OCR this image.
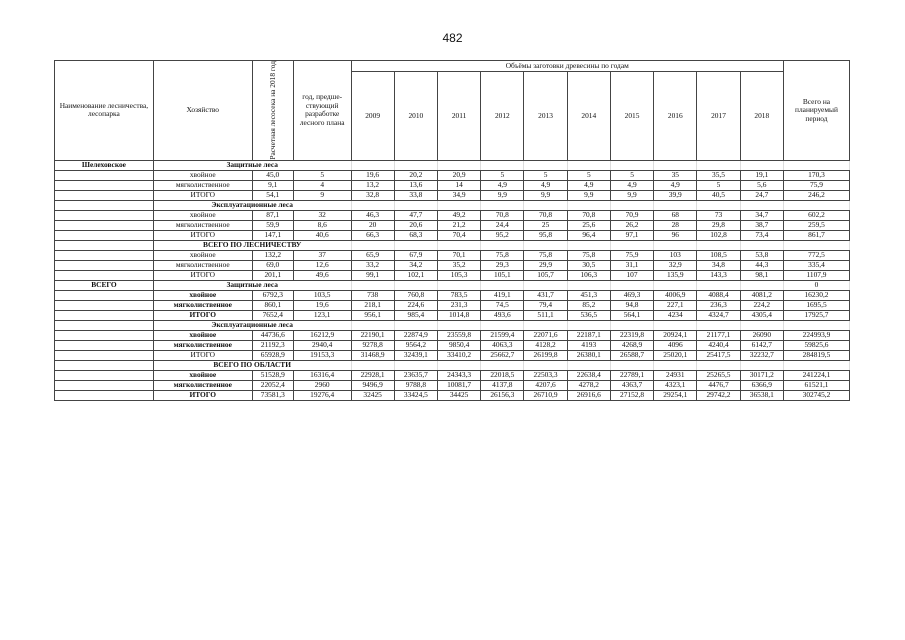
482
Наименование лесничества, лесопарка	Хозяйство	Расчетная лесосека на 2018 год	год, предше- ствующий разработке лесного плана	Объёмы заготовки древесины по годам										Всего на планируемый период
				2009	2010	2011	2012	2013	2014	2015	2016	2017	2018	
Шелеховское	Защитные леса													
	хвойное	45,0	5	19,6	20,2	20,9	5	5	5	5	35	35,5	19,1	170,3
	мягколиственное	9,1	4	13,2	13,6	14	4,9	4,9	4,9	4,9	4,9	5	5,6	75,9
	ИТОГО	54,1	9	32,8	33,8	34,9	9,9	9,9	9,9	9,9	39,9	40,5	24,7	246,2
	Эксплуатационные леса													
	хвойное	87,1	32	46,3	47,7	49,2	70,8	70,8	70,8	70,9	68	73	34,7	602,2
	мягколиственное	59,9	8,6	20	20,6	21,2	24,4	25	25,6	26,2	28	29,8	38,7	259,5
	ИТОГО	147,1	40,6	66,3	68,3	70,4	95,2	95,8	96,4	97,1	96	102,8	73,4	861,7
	ВСЕГО ПО ЛЕСНИЧЕСТВУ													
	хвойное	132,2	37	65,9	67,9	70,1	75,8	75,8	75,8	75,9	103	108,5	53,8	772,5
	мягколиственное	69,0	12,6	33,2	34,2	35,2	29,3	29,9	30,5	31,1	32,9	34,8	44,3	335,4
	ИТОГО	201,1	49,6	99,1	102,1	105,3	105,1	105,7	106,3	107	135,9	143,3	98,1	1107,9
ВСЕГО	Защитные леса													0
	хвойное	6792,3	103,5	738	760,8	783,5	419,1	431,7	451,3	469,3	4006,9	4088,4	4081,2	16230,2
	мягколиственное	860,1	19,6	218,1	224,6	231,3	74,5	79,4	85,2	94,8	227,1	236,3	224,2	1695,5
	ИТОГО	7652,4	123,1	956,1	985,4	1014,8	493,6	511,1	536,5	564,1	4234	4324,7	4305,4	17925,7
	Эксплуатационные леса													
	хвойное	44736,6	16212,9	22190,1	22874,9	23559,8	21599,4	22071,6	22187,1	22319,8	20924,1	21177,1	26090	224993,9
	мягколиственное	21192,3	2940,4	9278,8	9564,2	9850,4	4063,3	4128,2	4193	4268,9	4096	4240,4	6142,7	59825,6
	ИТОГО	65928,9	19153,3	31468,9	32439,1	33410,2	25662,7	26199,8	26380,1	26588,7	25020,1	25417,5	32232,7	284819,5
	ВСЕГО ПО ОБЛАСТИ													
	хвойное	51528,9	16316,4	22928,1	23635,7	24343,3	22018,5	22503,3	22638,4	22789,1	24931	25265,5	30171,2	241224,1
	мягколиственное	22052,4	2960	9496,9	9788,8	10081,7	4137,8	4207,6	4278,2	4363,7	4323,1	4476,7	6366,9	61521,1
	ИТОГО	73581,3	19276,4	32425	33424,5	34425	26156,3	26710,9	26916,6	27152,8	29254,1	29742,2	36538,1	302745,2
